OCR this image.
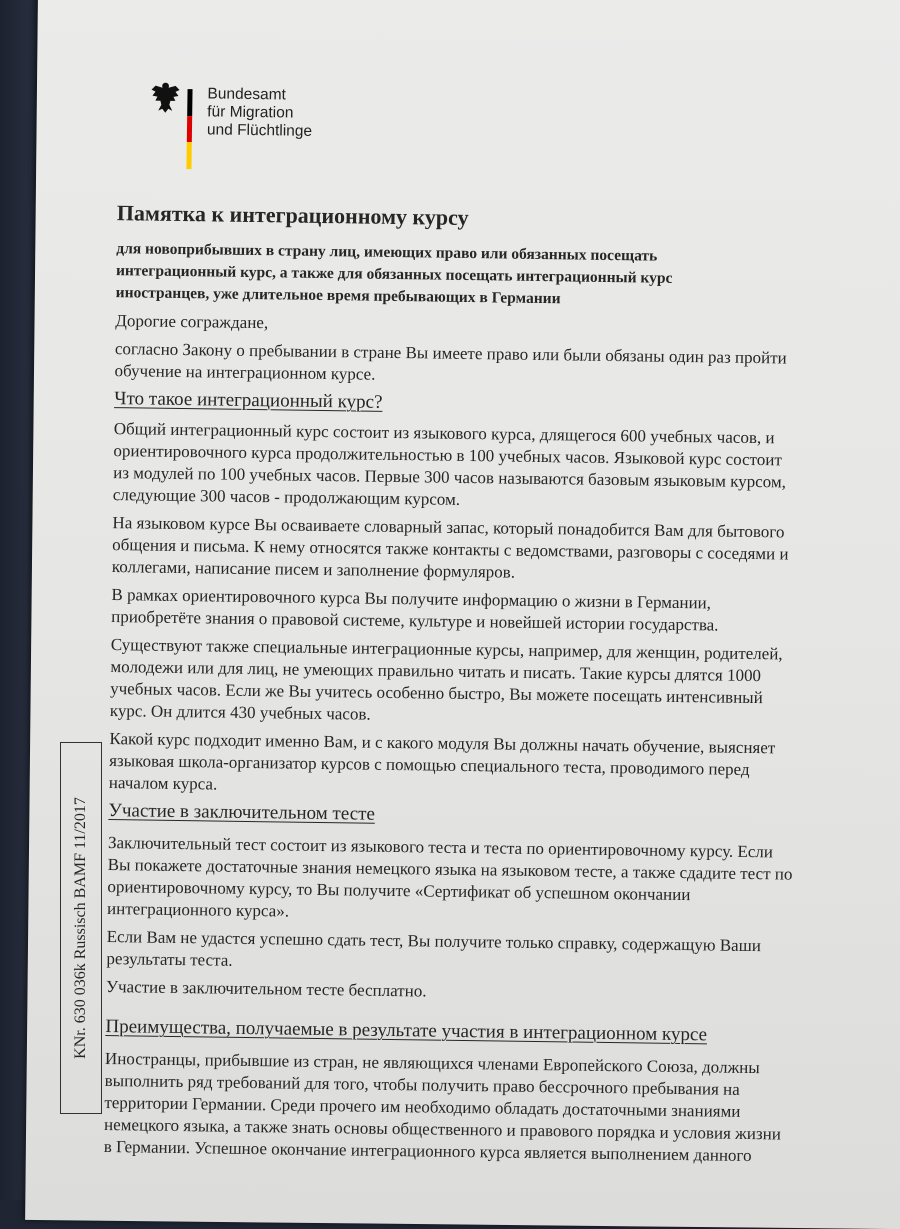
Bundesamt
für Migration
und Flüchtlinge
Памятка к интеграционному курсу
для новоприбывших в страну лиц, имеющих право или обязанных посещать
интеграционный курс, а также для обязанных посещать интеграционный курс
иностранцев, уже длительное время пребывающих в Германии
Дорогие сограждане,
согласно Закону о пребывании в стране Вы имеете право или были обязаны один раз пройти
обучение на интеграционном курсе.
Что такое интеграционный курс?
Общий интеграционный курс состоит из языкового курса, длящегося 600 учебных часов, и
ориентировочного курса продолжительностью в 100 учебных часов. Языковой курс состоит
из модулей по 100 учебных часов. Первые 300 часов называются базовым языковым курсом,
следующие 300 часов - продолжающим курсом.
На языковом курсе Вы осваиваете словарный запас, который понадобится Вам для бытового
общения и письма. К нему относятся также контакты с ведомствами, разговоры с соседями и
коллегами, написание писем и заполнение формуляров.
В рамках ориентировочного курса Вы получите информацию о жизни в Германии,
приобретёте знания о правовой системе, культуре и новейшей истории государства.
Существуют также специальные интеграционные курсы, например, для женщин, родителей,
молодежи или для лиц, не умеющих правильно читать и писать. Такие курсы длятся 1000
учебных часов. Если же Вы учитесь особенно быстро, Вы можете посещать интенсивный
курс. Он длится 430 учебных часов.
Какой курс подходит именно Вам, и с какого модуля Вы должны начать обучение, выясняет
языковая школа-организатор курсов с помощью специального теста, проводимого перед
началом курса.
Участие в заключительном тесте
Заключительный тест состоит из языкового теста и теста по ориентировочному курсу. Если
Вы покажете достаточные знания немецкого языка на языковом тесте, а также сдадите тест по
ориентировочному курсу, то Вы получите «Сертификат об успешном окончании
интеграционного курса».
Если Вам не удастся успешно сдать тест, Вы получите только справку, содержащую Ваши
результаты теста.
Участие в заключительном тесте бесплатно.
Преимущества, получаемые в результате участия в интеграционном курсе
Иностранцы, прибывшие из стран, не являющихся членами Европейского Союза, должны
выполнить ряд требований для того, чтобы получить право бессрочного пребывания на
территории Германии. Среди прочего им необходимо обладать достаточными знаниями
немецкого языка, а также знать основы общественного и правового порядка и условия жизни
в Германии. Успешное окончание интеграционного курса является выполнением данного
KNr. 630 036k Russisch BAMF 11/2017
